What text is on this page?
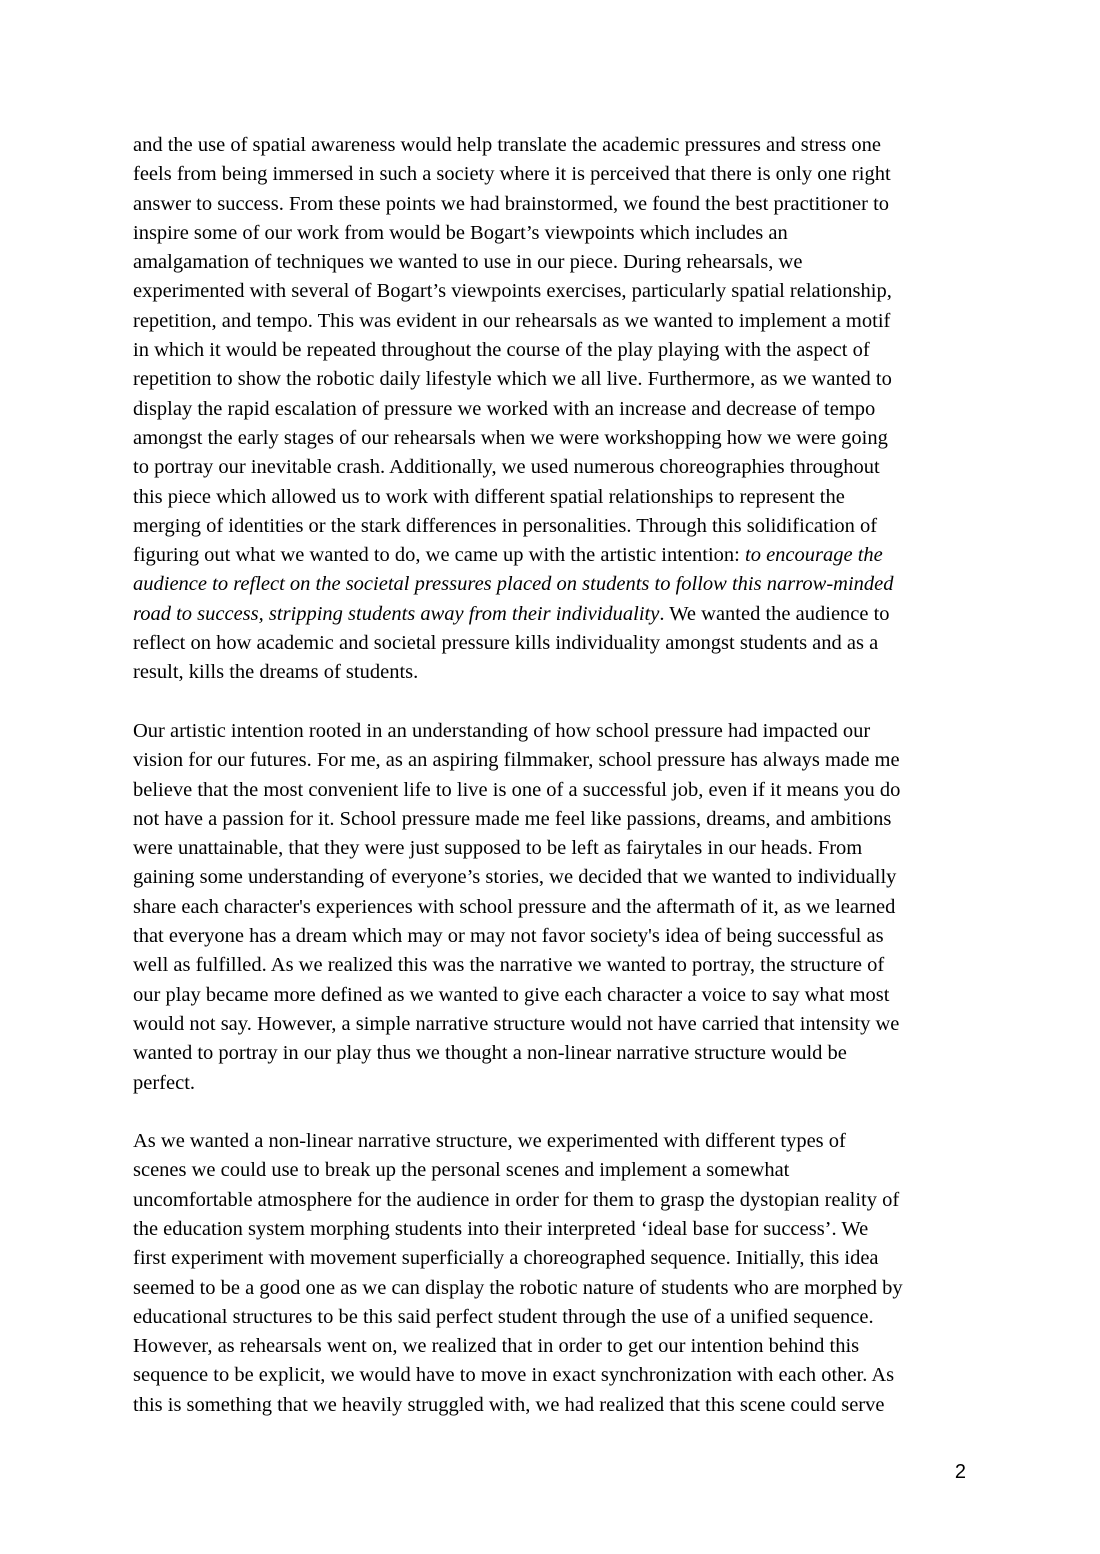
and the use of spatial awareness would help translate the academic pressures and stress one
feels from being immersed in such a society where it is perceived that there is only one right
answer to success. From these points we had brainstormed, we found the best practitioner to
inspire some of our work from would be Bogart’s viewpoints which includes an
amalgamation of techniques we wanted to use in our piece. During rehearsals, we
experimented with several of Bogart’s viewpoints exercises, particularly spatial relationship,
repetition, and tempo. This was evident in our rehearsals as we wanted to implement a motif
in which it would be repeated throughout the course of the play playing with the aspect of
repetition to show the robotic daily lifestyle which we all live. Furthermore, as we wanted to
display the rapid escalation of pressure we worked with an increase and decrease of tempo
amongst the early stages of our rehearsals when we were workshopping how we were going
to portray our inevitable crash. Additionally, we used numerous choreographies throughout
this piece which allowed us to work with different spatial relationships to represent the
merging of identities or the stark differences in personalities. Through this solidification of
figuring out what we wanted to do, we came up with the artistic intention: to encourage the
audience to reflect on the societal pressures placed on students to follow this narrow-minded
road to success, stripping students away from their individuality. We wanted the audience to
reflect on how academic and societal pressure kills individuality amongst students and as a
result, kills the dreams of students.
Our artistic intention rooted in an understanding of how school pressure had impacted our
vision for our futures. For me, as an aspiring filmmaker, school pressure has always made me
believe that the most convenient life to live is one of a successful job, even if it means you do
not have a passion for it. School pressure made me feel like passions, dreams, and ambitions
were unattainable, that they were just supposed to be left as fairytales in our heads. From
gaining some understanding of everyone’s stories, we decided that we wanted to individually
share each character's experiences with school pressure and the aftermath of it, as we learned
that everyone has a dream which may or may not favor society's idea of being successful as
well as fulfilled. As we realized this was the narrative we wanted to portray, the structure of
our play became more defined as we wanted to give each character a voice to say what most
would not say. However, a simple narrative structure would not have carried that intensity we
wanted to portray in our play thus we thought a non-linear narrative structure would be
perfect.
As we wanted a non-linear narrative structure, we experimented with different types of
scenes we could use to break up the personal scenes and implement a somewhat
uncomfortable atmosphere for the audience in order for them to grasp the dystopian reality of
the education system morphing students into their interpreted ‘ideal base for success’. We
first experiment with movement superficially a choreographed sequence. Initially, this idea
seemed to be a good one as we can display the robotic nature of students who are morphed by
educational structures to be this said perfect student through the use of a unified sequence.
However, as rehearsals went on, we realized that in order to get our intention behind this
sequence to be explicit, we would have to move in exact synchronization with each other. As
this is something that we heavily struggled with, we had realized that this scene could serve
2
